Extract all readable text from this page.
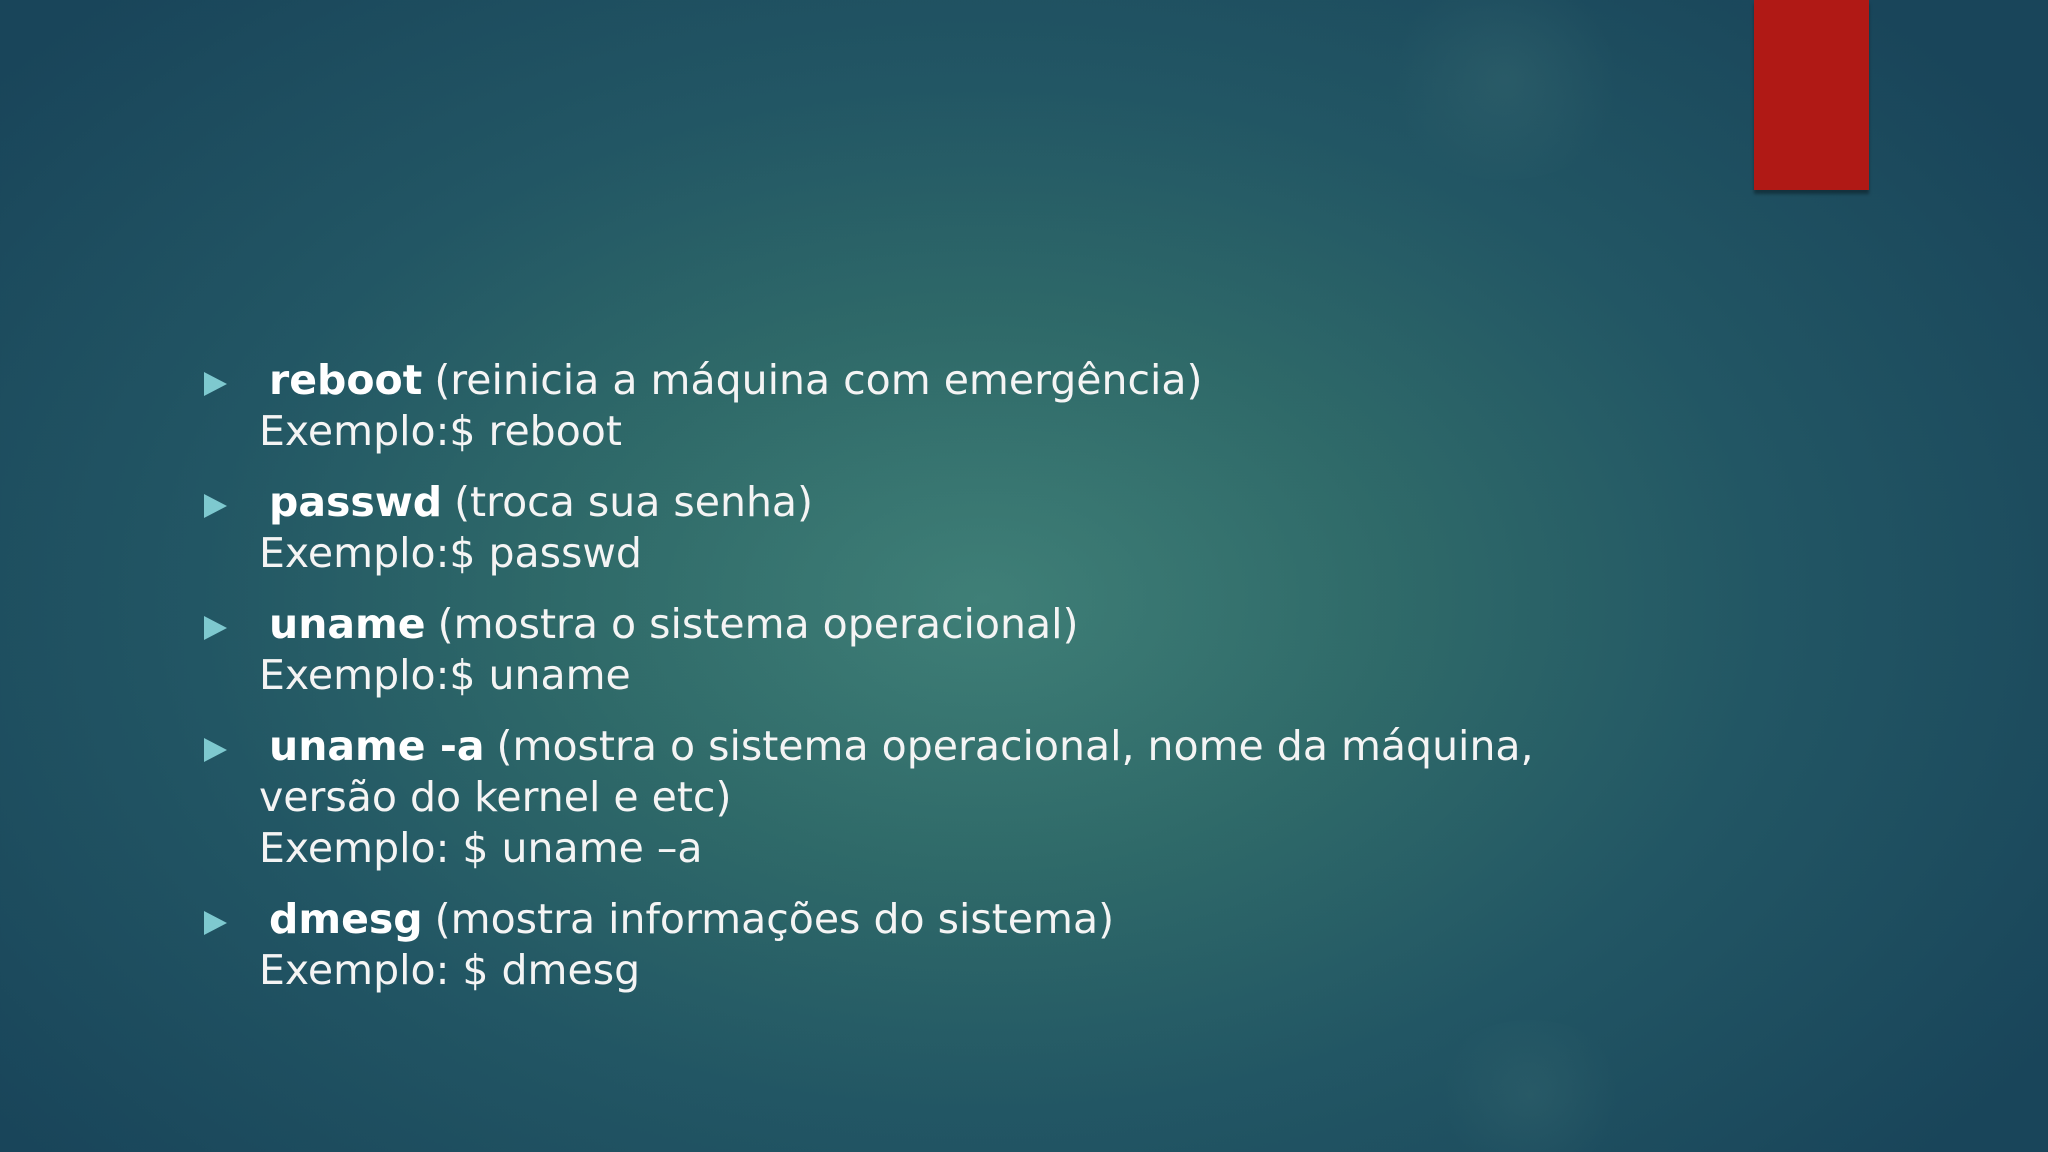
reboot (reinicia a máquina com emergência)
Exemplo:$ reboot
passwd (troca sua senha)
Exemplo:$ passwd
uname (mostra o sistema operacional)
Exemplo:$ uname
uname -a (mostra o sistema operacional, nome da máquina,
versão do kernel e etc)
Exemplo: $ uname –a
dmesg (mostra informações do sistema)
Exemplo: $ dmesg
